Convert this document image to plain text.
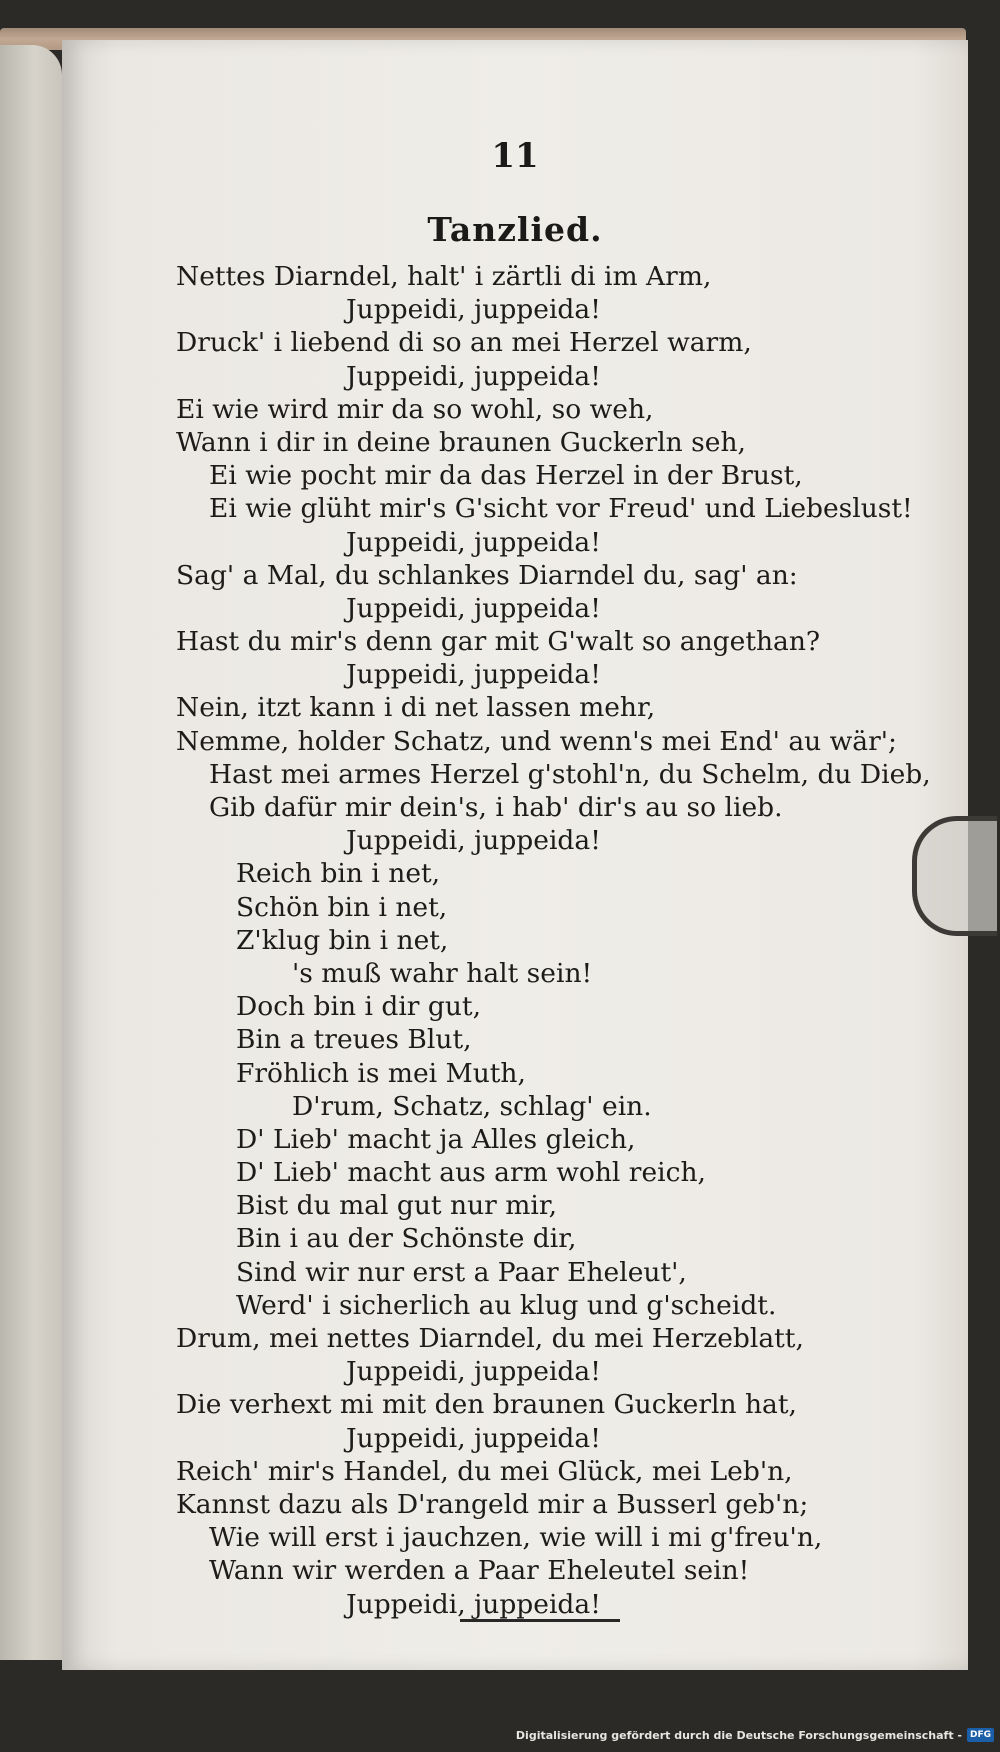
11
Tanzlied.
Nettes Diarndel, halt' i zärtli di im Arm,
Juppeidi, juppeida!
Druck' i liebend di so an mei Herzel warm,
Juppeidi, juppeida!
Ei wie wird mir da so wohl, so weh,
Wann i dir in deine braunen Guckerln seh,
Ei wie pocht mir da das Herzel in der Brust,
Ei wie glüht mir's G'sicht vor Freud' und Liebeslust!
Juppeidi, juppeida!
Sag' a Mal, du schlankes Diarndel du, sag' an:
Juppeidi, juppeida!
Hast du mir's denn gar mit G'walt so angethan?
Juppeidi, juppeida!
Nein, itzt kann i di net lassen mehr,
Nemme, holder Schatz, und wenn's mei End' au wär';
Hast mei armes Herzel g'stohl'n, du Schelm, du Dieb,
Gib dafür mir dein's, i hab' dir's au so lieb.
Juppeidi, juppeida!
Reich bin i net,
Schön bin i net,
Z'klug bin i net,
's muß wahr halt sein!
Doch bin i dir gut,
Bin a treues Blut,
Fröhlich is mei Muth,
D'rum, Schatz, schlag' ein.
D' Lieb' macht ja Alles gleich,
D' Lieb' macht aus arm wohl reich,
Bist du mal gut nur mir,
Bin i au der Schönste dir,
Sind wir nur erst a Paar Eheleut',
Werd' i sicherlich au klug und g'scheidt.
Drum, mei nettes Diarndel, du mei Herzeblatt,
Juppeidi, juppeida!
Die verhext mi mit den braunen Guckerln hat,
Juppeidi, juppeida!
Reich' mir's Handel, du mei Glück, mei Leb'n,
Kannst dazu als D'rangeld mir a Busserl geb'n;
Wie will erst i jauchzen, wie will i mi g'freu'n,
Wann wir werden a Paar Eheleutel sein!
Juppeidi, juppeida!
Digitalisierung gefördert durch die Deutsche Forschungsgemeinschaft - DFG
